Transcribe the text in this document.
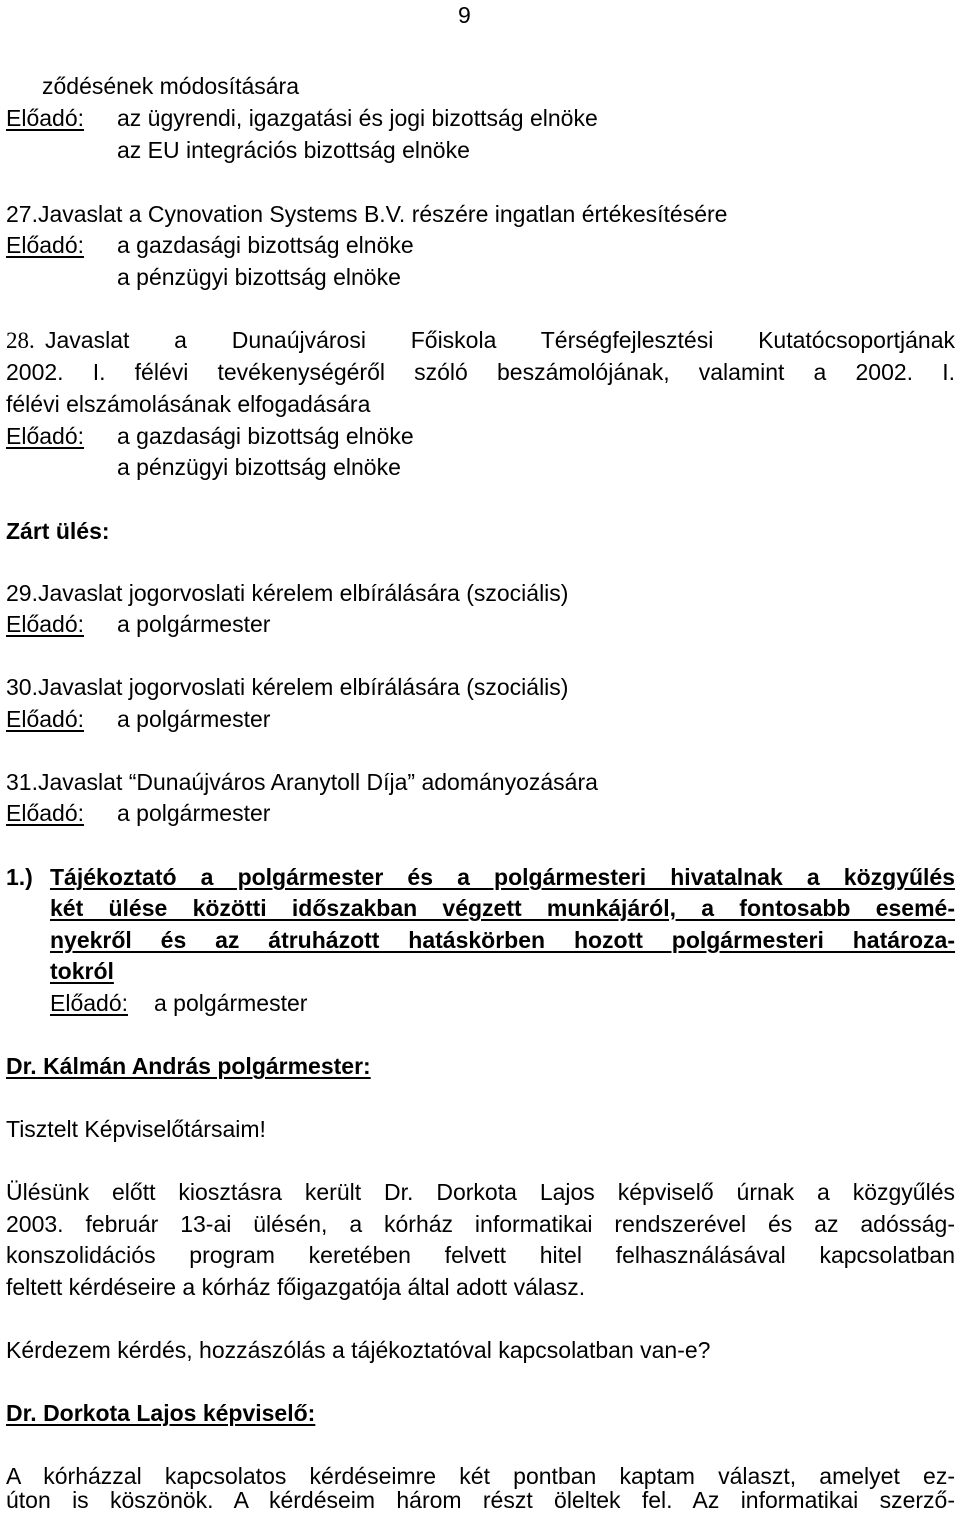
9
ződésének módosítására
Előadó: az ügyrendi, igazgatási és jogi bizottság elnöke
az EU integrációs bizottság elnöke
27.Javaslat a Cynovation Systems B.V. részére ingatlan értékesítésére
Előadó: a gazdasági bizottság elnöke
a pénzügyi bizottság elnöke
28. Javaslat a Dunaújvárosi Főiskola Térségfejlesztési Kutatócsoportjának
2002. I. félévi tevékenységéről szóló beszámolójának, valamint a 2002. I.
félévi elszámolásának elfogadására
Előadó: a gazdasági bizottság elnöke
a pénzügyi bizottság elnöke
Zárt ülés:
29.Javaslat jogorvoslati kérelem elbírálására (szociális)
Előadó: a polgármester
30.Javaslat jogorvoslati kérelem elbírálására (szociális)
Előadó: a polgármester
31.Javaslat “Dunaújváros Aranytoll Díja” adományozására
Előadó: a polgármester
1.) Tájékoztató a polgármester és a polgármesteri hivatalnak a közgyűlés
két ülése közötti időszakban végzett munkájáról, a fontosabb esemé-
nyekről és az átruházott hatáskörben hozott polgármesteri határoza-
tokról
Előadó: a polgármester
Dr. Kálmán András polgármester:
Tisztelt Képviselőtársaim!
Ülésünk előtt kiosztásra került Dr. Dorkota Lajos képviselő úrnak a közgyűlés
2003. február 13-ai ülésén, a kórház informatikai rendszerével és az adósság-
konszolidációs program keretében felvett hitel felhasználásával kapcsolatban
feltett kérdéseire a kórház főigazgatója által adott válasz.
Kérdezem kérdés, hozzászólás a tájékoztatóval kapcsolatban van-e?
Dr. Dorkota Lajos képviselő:
A kórházzal kapcsolatos kérdéseimre két pontban kaptam választ, amelyet ez-
úton is köszönök. A kérdéseim három részt öleltek fel. Az informatikai szerző-
